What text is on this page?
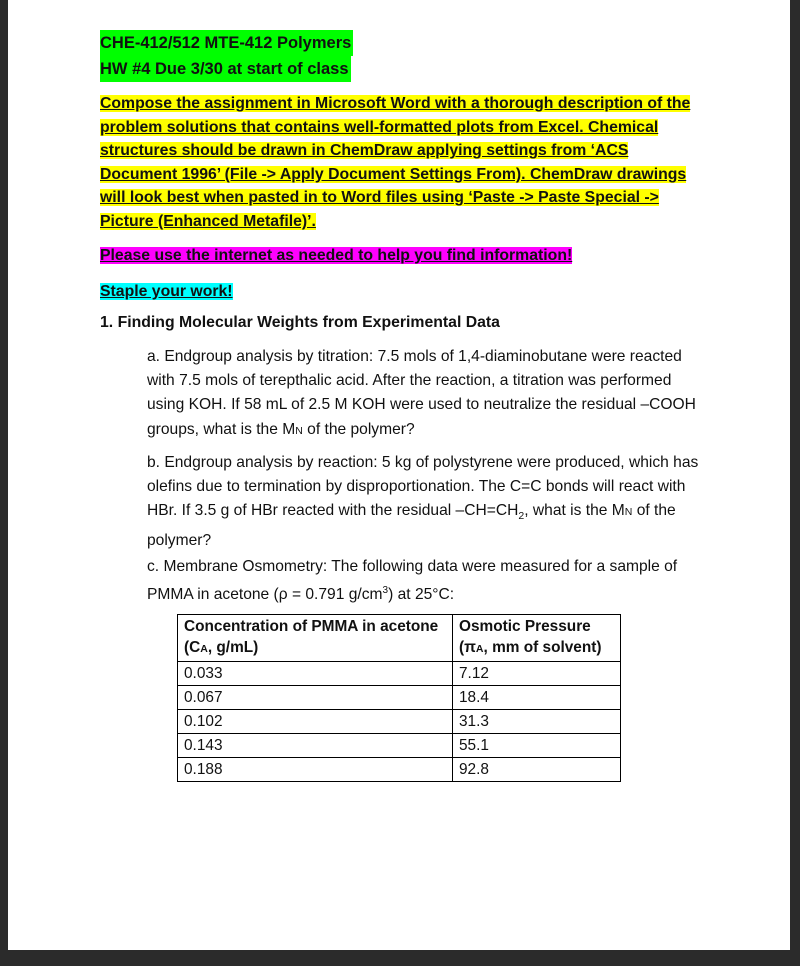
CHE-412/512 MTE-412 Polymers
HW #4 Due 3/30 at start of class
Compose the assignment in Microsoft Word with a thorough description of the problem solutions that contains well-formatted plots from Excel. Chemical structures should be drawn in ChemDraw applying settings from ‘ACS Document 1996’ (File -> Apply Document Settings From). ChemDraw drawings will look best when pasted in to Word files using ‘Paste -> Paste Special -> Picture (Enhanced Metafile)’.
Please use the internet as needed to help you find information!
Staple your work!
1. Finding Molecular Weights from Experimental Data
a. Endgroup analysis by titration: 7.5 mols of 1,4-diaminobutane were reacted with 7.5 mols of terepthalic acid. After the reaction, a titration was performed using KOH. If 58 mL of 2.5 M KOH were used to neutralize the residual –COOH groups, what is the MN of the polymer?
b. Endgroup analysis by reaction: 5 kg of polystyrene were produced, which has olefins due to termination by disproportionation. The C=C bonds will react with HBr. If 3.5 g of HBr reacted with the residual $-CH=CH_2$, what is the MN of the polymer?
c. Membrane Osmometry: The following data were measured for a sample of PMMA in acetone (ρ = 0.791 $g/cm^3$) at 25°C:
Concentration of PMMA in acetone
(CA, g/mL)	Osmotic Pressure
(πA, mm of solvent)
0.033	7.12
0.067	18.4
0.102	31.3
0.143	55.1
0.188	92.8
